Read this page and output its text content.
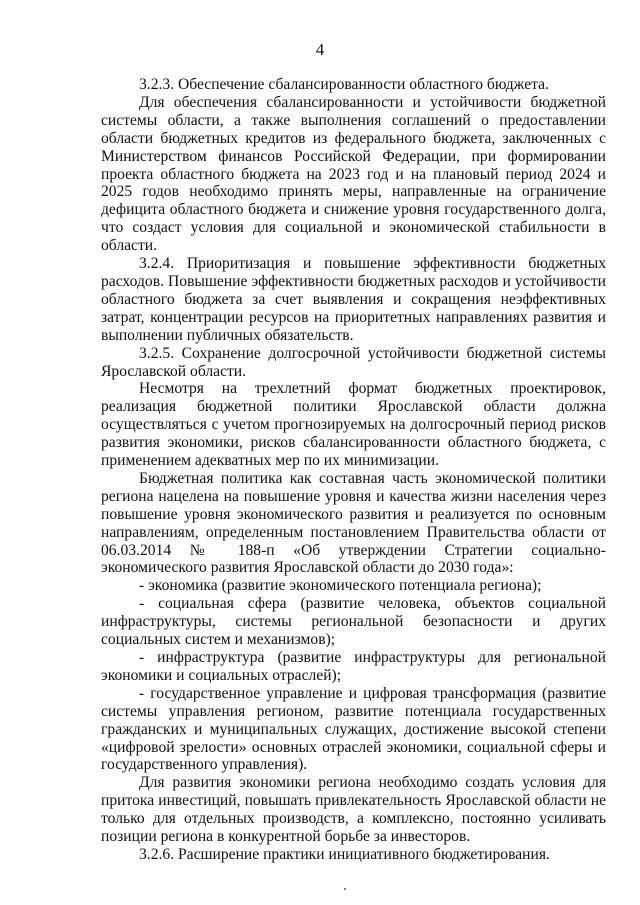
4

3.2.3. Обеспечение сбалансированности областного бюджета.

Для обеспечения сбалансированности и устойчивости бюджетной системы области, а также выполнения соглашений о предоставлении области бюджетных кредитов из федерального бюджета, заключенных с Министерством финансов Российской Федерации, при формировании проекта областного бюджета на 2023 год и на плановый период 2024 и 2025 годов необходимо принять меры, направленные на ограничение дефицита областного бюджета и снижение уровня государственного долга, что создаст условия для социальной и экономической стабильности в области.

3.2.4. Приоритизация и повышение эффективности бюджетных расходов. Повышение эффективности бюджетных расходов и устойчивости областного бюджета за счет выявления и сокращения неэффективных затрат, концентрации ресурсов на приоритетных направлениях развития и выполнении публичных обязательств.

3.2.5. Сохранение долгосрочной устойчивости бюджетной системы Ярославской области.

Несмотря на трехлетний формат бюджетных проектировок, реализация бюджетной политики Ярославской области должна осуществляться с учетом прогнозируемых на долгосрочный период рисков развития экономики, рисков сбалансированности областного бюджета, с применением адекватных мер по их минимизации.

Бюджетная политика как составная часть экономической политики региона нацелена на повышение уровня и качества жизни населения через повышение уровня экономического развития и реализуется по основным направлениям, определенным постановлением Правительства области от 06.03.2014 № 188-п «Об утверждении Стратегии социально-экономического развития Ярославской области до 2030 года»:

- экономика (развитие экономического потенциала региона);

- социальная сфера (развитие человека, объектов социальной инфраструктуры, системы региональной безопасности и других социальных систем и механизмов);

- инфраструктура (развитие инфраструктуры для региональной экономики и социальных отраслей);

- государственное управление и цифровая трансформация (развитие системы управления регионом, развитие потенциала государственных гражданских и муниципальных служащих, достижение высокой степени «цифровой зрелости» основных отраслей экономики, социальной сферы и государственного управления).

Для развития экономики региона необходимо создать условия для притока инвестиций, повышать привлекательность Ярославской области не только для отдельных производств, а комплексно, постоянно усиливать позиции региона в конкурентной борьбе за инвесторов.

3.2.6. Расширение практики инициативного бюджетирования.
